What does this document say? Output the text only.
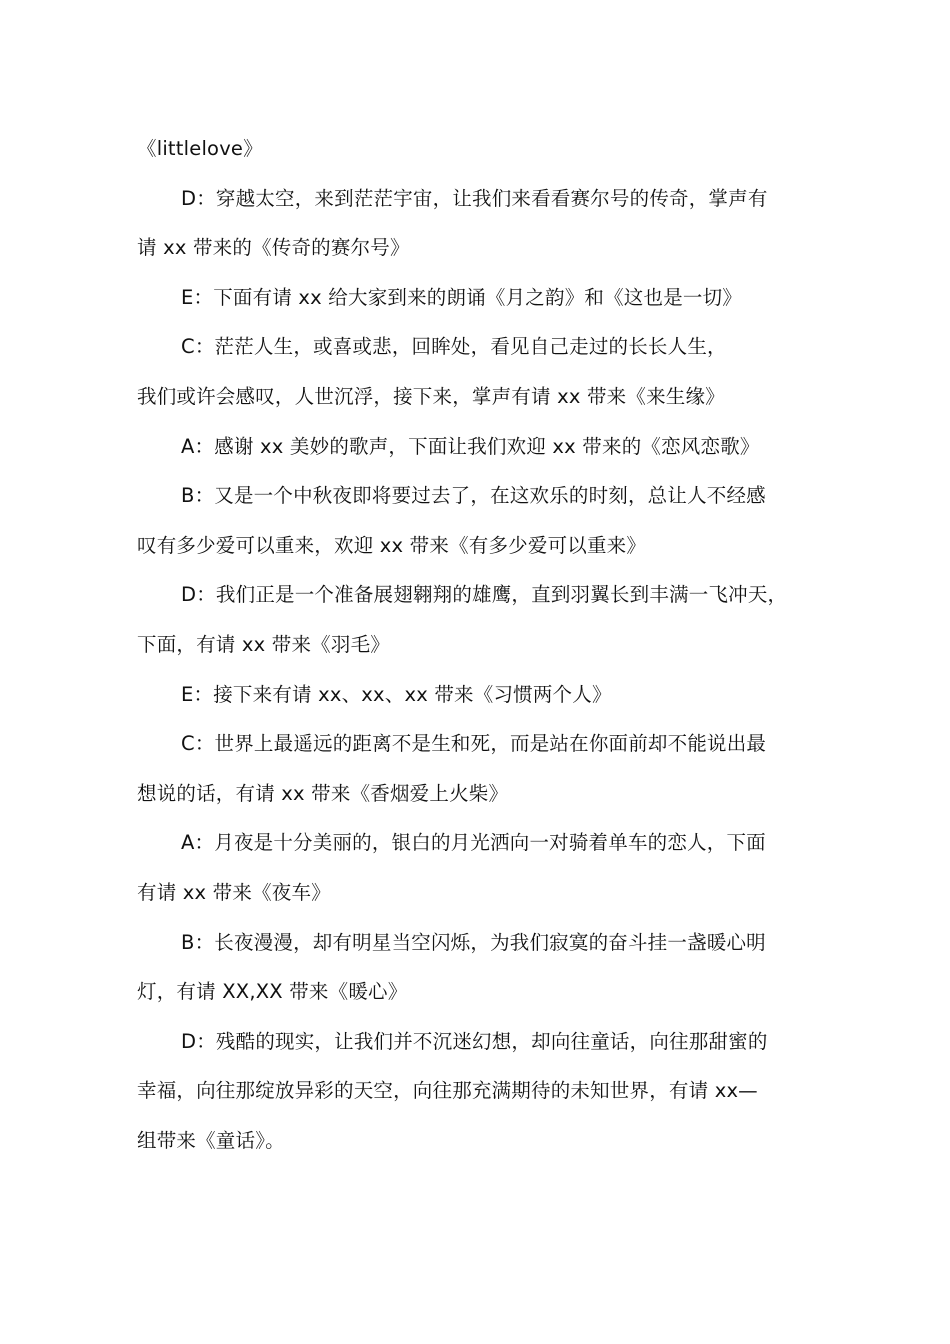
《littlelove》
D：穿越太空，来到茫茫宇宙，让我们来看看赛尔号的传奇，掌声有
请 xx 带来的《传奇的赛尔号》
E：下面有请 xx 给大家到来的朗诵《月之韵》和《这也是一切》
C：茫茫人生，或喜或悲，回眸处，看见自己走过的长长人生，
我们或许会感叹，人世沉浮，接下来，掌声有请 xx 带来《来生缘》
A：感谢 xx 美妙的歌声，下面让我们欢迎 xx 带来的《恋风恋歌》
B：又是一个中秋夜即将要过去了，在这欢乐的时刻，总让人不经感
叹有多少爱可以重来，欢迎 xx 带来《有多少爱可以重来》
D：我们正是一个准备展翅翱翔的雄鹰，直到羽翼长到丰满一飞冲天，
下面，有请 xx 带来《羽毛》
E：接下来有请 xx、xx、xx 带来《习惯两个人》
C：世界上最遥远的距离不是生和死，而是站在你面前却不能说出最
想说的话，有请 xx 带来《香烟爱上火柴》
A：月夜是十分美丽的，银白的月光洒向一对骑着单车的恋人，下面
有请 xx 带来《夜车》
B：长夜漫漫，却有明星当空闪烁，为我们寂寞的奋斗挂一盏暖心明
灯，有请 XX,XX 带来《暖心》
D：残酷的现实，让我们并不沉迷幻想，却向往童话，向往那甜蜜的
幸福，向往那绽放异彩的天空，向往那充满期待的未知世界，有请 xx—
组带来《童话》。
